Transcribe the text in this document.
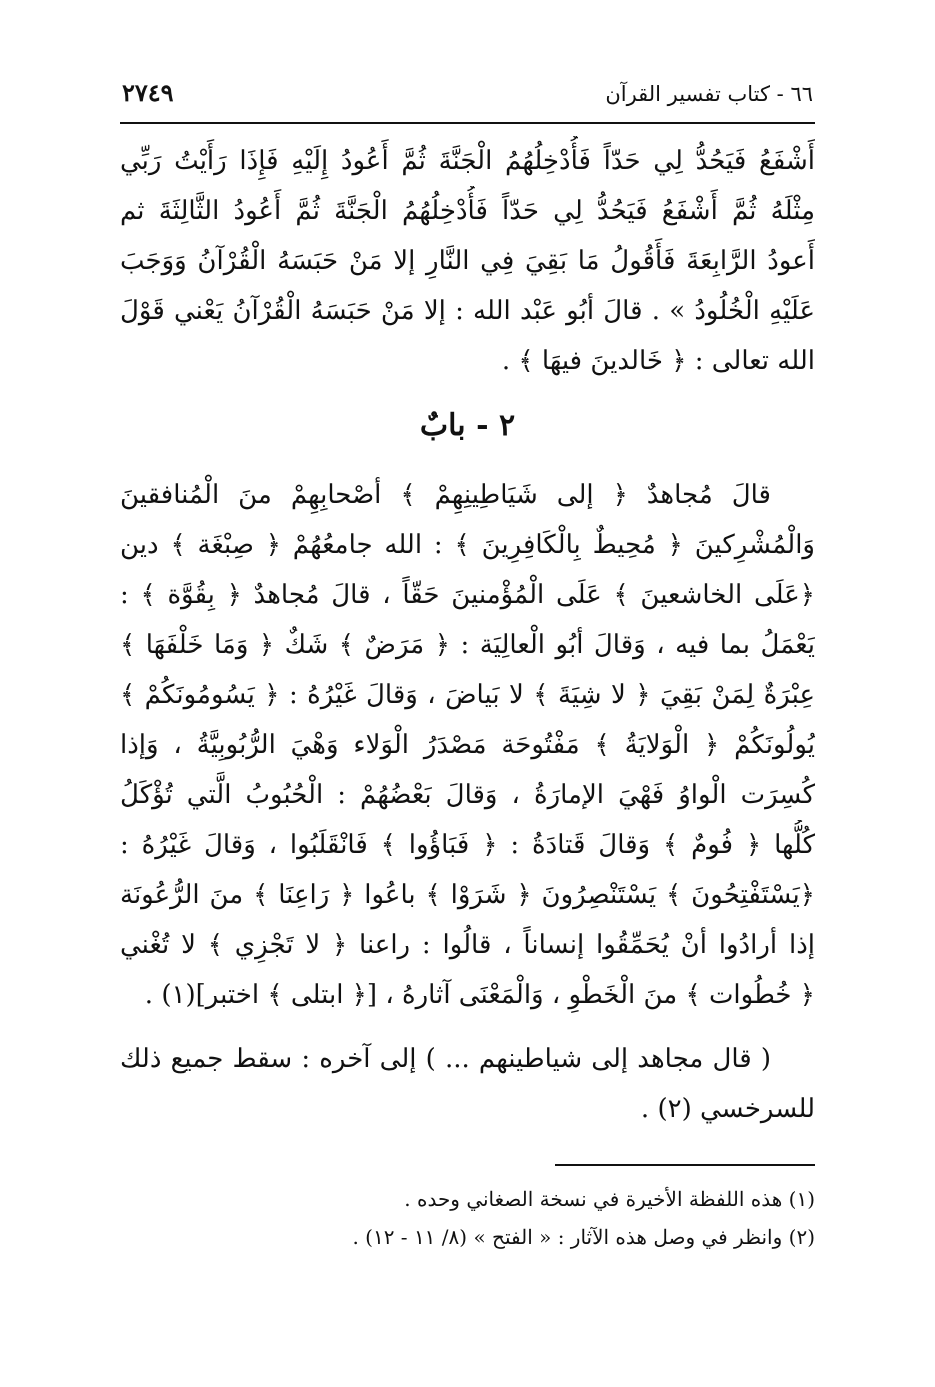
٦٦ - كتاب تفسير القرآن
٢٧٤٩
أَشْفَعُ فَيَحُدُّ لِي حَدّاً فَأُدْخِلُهُمُ الْجَنَّةَ ثُمَّ أَعُودُ إِلَيْهِ فَإِذَا رَأَيْتُ رَبِّي
مِثْلَهُ ثُمَّ أَشْفَعُ فَيَحُدُّ لِي حَدّاً فَأُدْخِلُهُمُ الْجَنَّةَ ثُمَّ أَعُودُ الثَّالِثَةَ ثم
أَعودُ الرَّابِعَةَ فَأَقُولُ مَا بَقِيَ فِي النَّارِ إلا مَنْ حَبَسَهُ الْقُرْآنُ وَوَجَبَ
عَلَيْهِ الْخُلُودُ » . قالَ أبُو عَبْد الله : إلا مَنْ حَبَسَهُ الْقُرْآنُ يَعْني قَوْلَ
الله تعالى : ﴿ خَالدينَ فيهَا ﴾ .
٢ - بابٌ
قالَ مُجاهدٌ ﴿ إلى شَيَاطِينِهِمْ ﴾ أصْحابِهِمْ منَ الْمُنافقينَ
وَالْمُشْرِكينَ ﴿ مُحِيطٌ بِالْكَافِرِينَ ﴾ : الله جامعُهُمْ ﴿ صِبْغَة ﴾ دين
﴿عَلَى الخاشعينَ ﴾ عَلَى الْمُؤْمنينَ حَقّاً ، قالَ مُجاهدٌ ﴿ بِقُوَّة ﴾ :
يَعْمَلُ بما فيه ، وَقالَ أبُو الْعالِيَة : ﴿ مَرَضٌ ﴾ شَكٌ ﴿ وَمَا خَلْفَهَا ﴾
عِبْرَةٌ لِمَنْ بَقِيَ ﴿ لا شِيَةَ ﴾ لا بَياضَ ، وَقالَ غَيْرُهُ : ﴿ يَسُومُونَكُمْ ﴾
يُولُونَكُمْ ﴿ الْوَلايَةُ ﴾ مَفْتُوحَة مَصْدَرُ الْوَلاء وَهْيَ الرُّبُوبِيَّةُ ، وَإذا
كُسِرَت الْواوُ فَهْيَ الإمارَةُ ، وَقالَ بَعْضُهُمْ : الْحُبُوبُ الَّتي تُؤْكَلُ
كُلُّها ﴿ فُومٌ ﴾ وَقالَ قَتادَةُ : ﴿ فَبَاؤُوا ﴾ فَانْقَلَبُوا ، وَقالَ غَيْرُهُ :
﴿يَسْتَفْتِحُونَ ﴾ يَسْتَنْصِرُونَ ﴿ شَرَوْا ﴾ باعُوا ﴿ رَاعِنَا ﴾ منَ الرُّعُونَة
إذا أرادُوا أنْ يُحَمِّقُوا إنساناً ، قالُوا : راعنا ﴿ لا تَجْزِي ﴾ لا تُغْني
﴿ خُطُوات ﴾ منَ الْخَطْوِ ، وَالْمَعْنَى آثارهُ ، [﴿ ابتلى ﴾ اختبر](١) .
( قال مجاهد إلى شياطينهم ... ) إلى آخره : سقط جميع ذلك
للسرخسي (٢) .
(١) هذه اللفظة الأخيرة في نسخة الصغاني وحده .
(٢) وانظر في وصل هذه الآثار : « الفتح » (٨/ ١١ - ١٢) .
